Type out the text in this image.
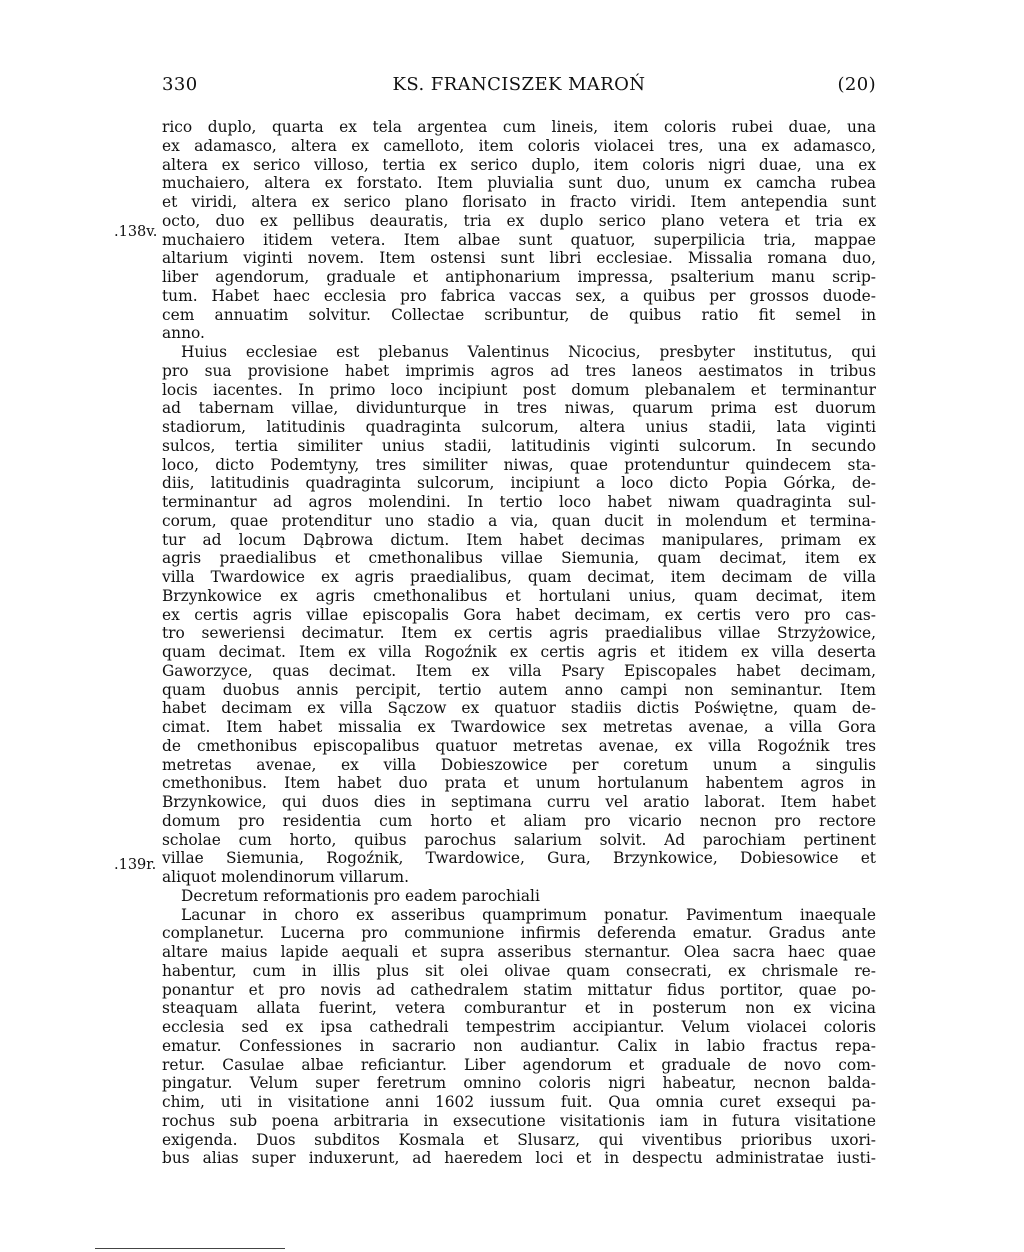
330	KS. FRANCISZEK MAROŃ	(20)
.138v.
.139r.
rico duplo, quarta ex tela argentea cum lineis, item coloris rubei duae, una
ex adamasco, altera ex camelloto, item coloris violacei tres, una ex adamasco,
altera ex serico villoso, tertia ex serico duplo, item coloris nigri duae, una ex
muchaiero, altera ex forstato. Item pluvialia sunt duo, unum ex camcha rubea
et viridi, altera ex serico plano florisato in fracto viridi. Item antependia sunt
octo, duo ex pellibus deauratis, tria ex duplo serico plano vetera et tria ex
muchaiero itidem vetera. Item albae sunt quatuor, superpilicia tria, mappae
altarium viginti novem. Item ostensi sunt libri ecclesiae. Missalia romana duo,
liber agendorum, graduale et antiphonarium impressa, psalterium manu scrip-
tum. Habet haec ecclesia pro fabrica vaccas sex, a quibus per grossos duode-
cem annuatim solvitur. Collectae scribuntur, de quibus ratio fit semel in
anno.
Huius ecclesiae est plebanus Valentinus Nicocius, presbyter institutus, qui
pro sua provisione habet imprimis agros ad tres laneos aestimatos in tribus
locis iacentes. In primo loco incipiunt post domum plebanalem et terminantur
ad tabernam villae, dividunturque in tres niwas, quarum prima est duorum
stadiorum, latitudinis quadraginta sulcorum, altera unius stadii, lata viginti
sulcos, tertia similiter unius stadii, latitudinis viginti sulcorum. In secundo
loco, dicto Podemtyny, tres similiter niwas, quae protenduntur quindecem sta-
diis, latitudinis quadraginta sulcorum, incipiunt a loco dicto Popia Górka, de-
terminantur ad agros molendini. In tertio loco habet niwam quadraginta sul-
corum, quae protenditur uno stadio a via, quan ducit in molendum et termina-
tur ad locum Dąbrowa dictum. Item habet decimas manipulares, primam ex
agris praedialibus et cmethonalibus villae Siemunia, quam decimat, item ex
villa Twardowice ex agris praedialibus, quam decimat, item decimam de villa
Brzynkowice ex agris cmethonalibus et hortulani unius, quam decimat, item
ex certis agris villae episcopalis Gora habet decimam, ex certis vero pro cas-
tro seweriensi decimatur. Item ex certis agris praedialibus villae Strzyżowice,
quam decimat. Item ex villa Rogoźnik ex certis agris et itidem ex villa deserta
Gaworzyce, quas decimat. Item ex villa Psary Episcopales habet decimam,
quam duobus annis percipit, tertio autem anno campi non seminantur. Item
habet decimam ex villa Sączow ex quatuor stadiis dictis Poświętne, quam de-
cimat. Item habet missalia ex Twardowice sex metretas avenae, a villa Gora
de cmethonibus episcopalibus quatuor metretas avenae, ex villa Rogoźnik tres
metretas avenae, ex villa Dobieszowice per coretum unum a singulis
cmethonibus. Item habet duo prata et unum hortulanum habentem agros in
Brzynkowice, qui duos dies in septimana curru vel aratio laborat. Item habet
domum pro residentia cum horto et aliam pro vicario necnon pro rectore
scholae cum horto, quibus parochus salarium solvit. Ad parochiam pertinent
villae Siemunia, Rogoźnik, Twardowice, Gura, Brzynkowice, Dobiesowice et
aliquot molendinorum villarum.
Decretum reformationis pro eadem parochiali
Lacunar in choro ex asseribus quamprimum ponatur. Pavimentum inaequale
complanetur. Lucerna pro communione infirmis deferenda ematur. Gradus ante
altare maius lapide aequali et supra asseribus sternantur. Olea sacra haec quae
habentur, cum in illis plus sit olei olivae quam consecrati, ex chrismale re-
ponantur et pro novis ad cathedralem statim mittatur fidus portitor, quae po-
steaquam allata fuerint, vetera comburantur et in posterum non ex vicina
ecclesia sed ex ipsa cathedrali tempestrim accipiantur. Velum violacei coloris
ematur. Confessiones in sacrario non audiantur. Calix in labio fractus repa-
retur. Casulae albae reficiantur. Liber agendorum et graduale de novo com-
pingatur. Velum super feretrum omnino coloris nigri habeatur, necnon balda-
chim, uti in visitatione anni 1602 iussum fuit. Qua omnia curet exsequi pa-
rochus sub poena arbitraria in exsecutione visitationis iam in futura visitatione
exigenda. Duos subditos Kosmala et Slusarz, qui viventibus prioribus uxori-
bus alias super induxerunt, ad haeredem loci et in despectu administratae iusti-
